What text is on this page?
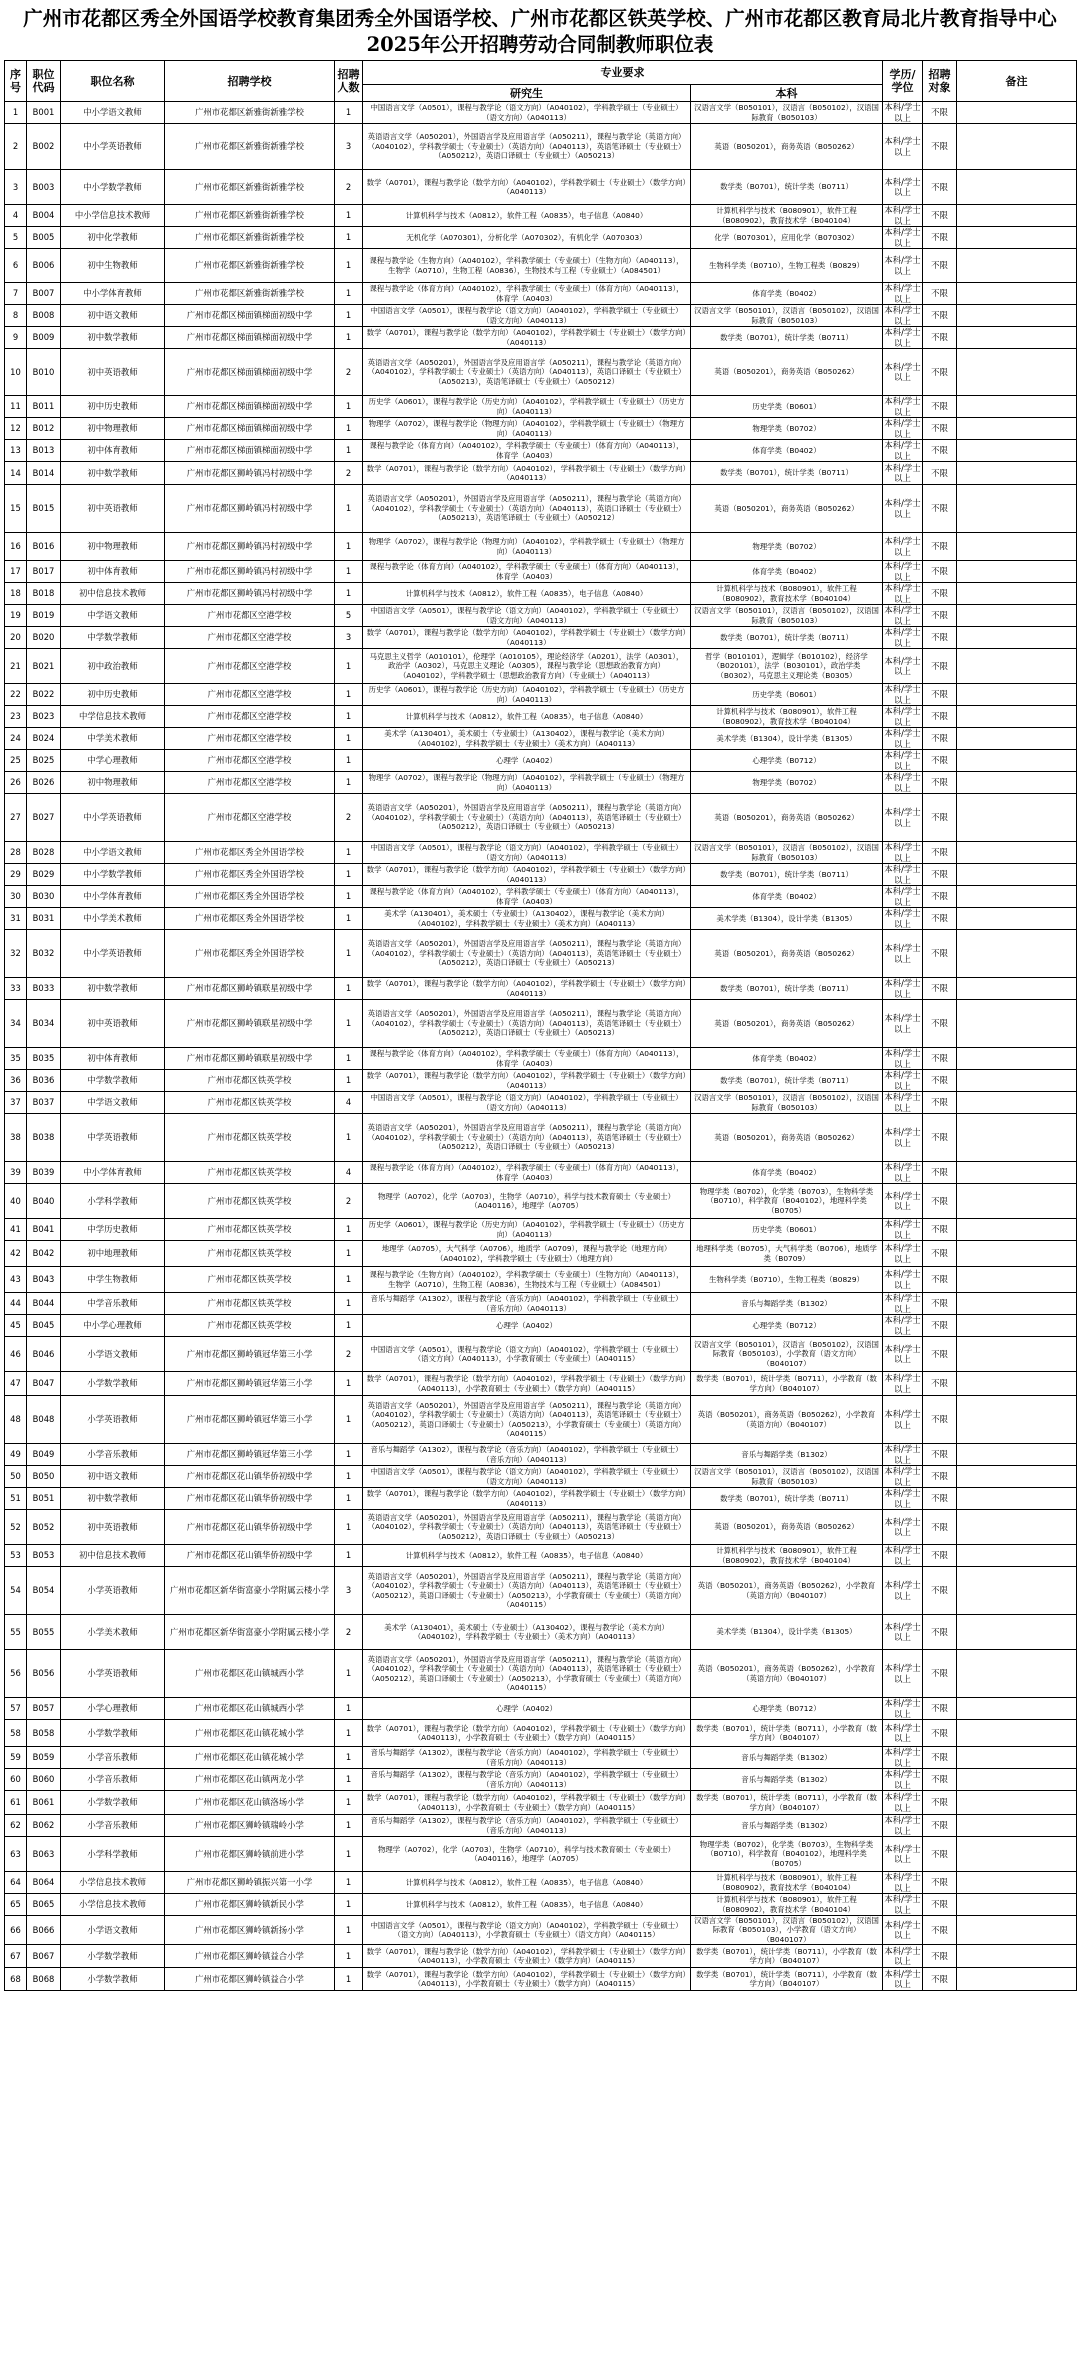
广州市花都区秀全外国语学校教育集团秀全外国语学校、广州市花都区铁英学校、广州市花都区教育局北片教育指导中心
2025年公开招聘劳动合同制教师职位表
序号	职位代码	职位名称	招聘学校	招聘人数	专业要求		学历/学位	招聘对象	备注
					研究生	本科			
1	B001	中小学语文教师	广州市花都区新雅街新雅学校	1	中国语言文学（A0501），课程与教学论（语文方向）（A040102），学科教学硕士（专业硕士）（语文方向）（A040113）	汉语言文学（B050101），汉语言（B050102），汉语国际教育（B050103）	本科/学士以上	不限	
2	B002	中小学英语教师	广州市花都区新雅街新雅学校	3	英语语言文学（A050201），外国语言学及应用语言学（A050211），课程与教学论（英语方向）（A040102），学科教学硕士（专业硕士）（英语方向）（A040113），英语笔译硕士（专业硕士）（A050212），英语口译硕士（专业硕士）（A050213）	英语（B050201），商务英语（B050262）	本科/学士以上	不限	
3	B003	中小学数学教师	广州市花都区新雅街新雅学校	2	数学（A0701），课程与教学论（数学方向）（A040102），学科教学硕士（专业硕士）（数学方向）（A040113）	数学类（B0701），统计学类（B0711）	本科/学士以上	不限	
4	B004	中小学信息技术教师	广州市花都区新雅街新雅学校	1	计算机科学与技术（A0812），软件工程（A0835），电子信息（A0840）	计算机科学与技术（B080901），软件工程（B080902），教育技术学（B040104）	本科/学士以上	不限	
5	B005	初中化学教师	广州市花都区新雅街新雅学校	1	无机化学（A070301），分析化学（A070302），有机化学（A070303）	化学（B070301），应用化学（B070302）	本科/学士以上	不限	
6	B006	初中生物教师	广州市花都区新雅街新雅学校	1	课程与教学论（生物方向）（A040102），学科教学硕士（专业硕士）（生物方向）（A040113），生物学（A0710），生物工程（A0836），生物技术与工程（专业硕士）（A084501）	生物科学类（B0710），生物工程类（B0829）	本科/学士以上	不限	
7	B007	中小学体育教师	广州市花都区新雅街新雅学校	1	课程与教学论（体育方向）（A040102），学科教学硕士（专业硕士）（体育方向）（A040113），体育学（A0403）	体育学类（B0402）	本科/学士以上	不限	
8	B008	初中语文教师	广州市花都区梯面镇梯面初级中学	1	中国语言文学（A0501），课程与教学论（语文方向）（A040102），学科教学硕士（专业硕士）（语文方向）（A040113）	汉语言文学（B050101），汉语言（B050102），汉语国际教育（B050103）	本科/学士以上	不限	
9	B009	初中数学教师	广州市花都区梯面镇梯面初级中学	1	数学（A0701），课程与教学论（数学方向）（A040102），学科教学硕士（专业硕士）（数学方向）（A040113）	数学类（B0701），统计学类（B0711）	本科/学士以上	不限	
10	B010	初中英语教师	广州市花都区梯面镇梯面初级中学	2	英语语言文学（A050201），外国语言学及应用语言学（A050211），课程与教学论（英语方向）（A040102），学科教学硕士（专业硕士）（英语方向）（A040113），英语口译硕士（专业硕士）（A050213），英语笔译硕士（专业硕士）（A050212）	英语（B050201），商务英语（B050262）	本科/学士以上	不限	
11	B011	初中历史教师	广州市花都区梯面镇梯面初级中学	1	历史学（A0601），课程与教学论（历史方向）（A040102），学科教学硕士（专业硕士）（历史方向）（A040113）	历史学类（B0601）	本科/学士以上	不限	
12	B012	初中物理教师	广州市花都区梯面镇梯面初级中学	1	物理学（A0702），课程与教学论（物理方向）（A040102），学科教学硕士（专业硕士）（物理方向）（A040113）	物理学类（B0702）	本科/学士以上	不限	
13	B013	初中体育教师	广州市花都区梯面镇梯面初级中学	1	课程与教学论（体育方向）（A040102），学科教学硕士（专业硕士）（体育方向）（A040113），体育学（A0403）	体育学类（B0402）	本科/学士以上	不限	
14	B014	初中数学教师	广州市花都区狮岭镇冯村初级中学	2	数学（A0701），课程与教学论（数学方向）（A040102），学科教学硕士（专业硕士）（数学方向）（A040113）	数学类（B0701），统计学类（B0711）	本科/学士以上	不限	
15	B015	初中英语教师	广州市花都区狮岭镇冯村初级中学	1	英语语言文学（A050201），外国语言学及应用语言学（A050211），课程与教学论（英语方向）（A040102），学科教学硕士（专业硕士）（英语方向）（A040113），英语口译硕士（专业硕士）（A050213），英语笔译硕士（专业硕士）（A050212）	英语（B050201），商务英语（B050262）	本科/学士以上	不限	
16	B016	初中物理教师	广州市花都区狮岭镇冯村初级中学	1	物理学（A0702），课程与教学论（物理方向）（A040102），学科教学硕士（专业硕士）（物理方向）（A040113）	物理学类（B0702）	本科/学士以上	不限	
17	B017	初中体育教师	广州市花都区狮岭镇冯村初级中学	1	课程与教学论（体育方向）（A040102），学科教学硕士（专业硕士）（体育方向）（A040113），体育学（A0403）	体育学类（B0402）	本科/学士以上	不限	
18	B018	初中信息技术教师	广州市花都区狮岭镇冯村初级中学	1	计算机科学与技术（A0812），软件工程（A0835），电子信息（A0840）	计算机科学与技术（B080901），软件工程（B080902），教育技术学（B040104）	本科/学士以上	不限	
19	B019	中学语文教师	广州市花都区空港学校	5	中国语言文学（A0501），课程与教学论（语文方向）（A040102），学科教学硕士（专业硕士）（语文方向）（A040113）	汉语言文学（B050101），汉语言（B050102），汉语国际教育（B050103）	本科/学士以上	不限	
20	B020	中学数学教师	广州市花都区空港学校	3	数学（A0701），课程与教学论（数学方向）（A040102），学科教学硕士（专业硕士）（数学方向）（A040113）	数学类（B0701），统计学类（B0711）	本科/学士以上	不限	
21	B021	初中政治教师	广州市花都区空港学校	1	马克思主义哲学（A010101），伦理学（A010105），理论经济学（A0201），法学（A0301），政治学（A0302），马克思主义理论（A0305），课程与教学论（思想政治教育方向）（A040102），学科教学硕士（思想政治教育方向）（专业硕士）（A040113）	哲学（B010101），逻辑学（B010102），经济学（B020101），法学（B030101），政治学类（B0302），马克思主义理论类（B0305）	本科/学士以上	不限	
22	B022	初中历史教师	广州市花都区空港学校	1	历史学（A0601），课程与教学论（历史方向）（A040102），学科教学硕士（专业硕士）（历史方向）（A040113）	历史学类（B0601）	本科/学士以上	不限	
23	B023	中学信息技术教师	广州市花都区空港学校	1	计算机科学与技术（A0812），软件工程（A0835），电子信息（A0840）	计算机科学与技术（B080901），软件工程（B080902），教育技术学（B040104）	本科/学士以上	不限	
24	B024	中学美术教师	广州市花都区空港学校	1	美术学（A130401），美术硕士（专业硕士）（A130402），课程与教学论（美术方向）（A040102），学科教学硕士（专业硕士）（美术方向）（A040113）	美术学类（B1304），设计学类（B1305）	本科/学士以上	不限	
25	B025	中学心理教师	广州市花都区空港学校	1	心理学（A0402）	心理学类（B0712）	本科/学士以上	不限	
26	B026	初中物理教师	广州市花都区空港学校	1	物理学（A0702），课程与教学论（物理方向）（A040102），学科教学硕士（专业硕士）（物理方向）（A040113）	物理学类（B0702）	本科/学士以上	不限	
27	B027	中小学英语教师	广州市花都区空港学校	2	英语语言文学（A050201），外国语言学及应用语言学（A050211），课程与教学论（英语方向）（A040102），学科教学硕士（专业硕士）（英语方向）（A040113），英语笔译硕士（专业硕士）（A050212），英语口译硕士（专业硕士）（A050213）	英语（B050201），商务英语（B050262）	本科/学士以上	不限	
28	B028	中小学语文教师	广州市花都区秀全外国语学校	1	中国语言文学（A0501），课程与教学论（语文方向）（A040102），学科教学硕士（专业硕士）（语文方向）（A040113）	汉语言文学（B050101），汉语言（B050102），汉语国际教育（B050103）	本科/学士以上	不限	
29	B029	中小学数学教师	广州市花都区秀全外国语学校	1	数学（A0701），课程与教学论（数学方向）（A040102），学科教学硕士（专业硕士）（数学方向）（A040113）	数学类（B0701），统计学类（B0711）	本科/学士以上	不限	
30	B030	中小学体育教师	广州市花都区秀全外国语学校	1	课程与教学论（体育方向）（A040102），学科教学硕士（专业硕士）（体育方向）（A040113），体育学（A0403）	体育学类（B0402）	本科/学士以上	不限	
31	B031	中小学美术教师	广州市花都区秀全外国语学校	1	美术学（A130401），美术硕士（专业硕士）（A130402），课程与教学论（美术方向）（A040102），学科教学硕士（专业硕士）（美术方向）（A040113）	美术学类（B1304），设计学类（B1305）	本科/学士以上	不限	
32	B032	中小学英语教师	广州市花都区秀全外国语学校	1	英语语言文学（A050201），外国语言学及应用语言学（A050211），课程与教学论（英语方向）（A040102），学科教学硕士（专业硕士）（英语方向）（A040113），英语笔译硕士（专业硕士）（A050212），英语口译硕士（专业硕士）（A050213）	英语（B050201），商务英语（B050262）	本科/学士以上	不限	
33	B033	初中数学教师	广州市花都区狮岭镇联星初级中学	1	数学（A0701），课程与教学论（数学方向）（A040102），学科教学硕士（专业硕士）（数学方向）（A040113）	数学类（B0701），统计学类（B0711）	本科/学士以上	不限	
34	B034	初中英语教师	广州市花都区狮岭镇联星初级中学	1	英语语言文学（A050201），外国语言学及应用语言学（A050211），课程与教学论（英语方向）（A040102），学科教学硕士（专业硕士）（英语方向）（A040113），英语笔译硕士（专业硕士）（A050212），英语口译硕士（专业硕士）（A050213）	英语（B050201），商务英语（B050262）	本科/学士以上	不限	
35	B035	初中体育教师	广州市花都区狮岭镇联星初级中学	1	课程与教学论（体育方向）（A040102），学科教学硕士（专业硕士）（体育方向）（A040113），体育学（A0403）	体育学类（B0402）	本科/学士以上	不限	
36	B036	中学数学教师	广州市花都区铁英学校	1	数学（A0701），课程与教学论（数学方向）（A040102），学科教学硕士（专业硕士）（数学方向）（A040113）	数学类（B0701），统计学类（B0711）	本科/学士以上	不限	
37	B037	中学语文教师	广州市花都区铁英学校	4	中国语言文学（A0501），课程与教学论（语文方向）（A040102），学科教学硕士（专业硕士）（语文方向）（A040113）	汉语言文学（B050101），汉语言（B050102），汉语国际教育（B050103）	本科/学士以上	不限	
38	B038	中学英语教师	广州市花都区铁英学校	1	英语语言文学（A050201），外国语言学及应用语言学（A050211），课程与教学论（英语方向）（A040102），学科教学硕士（专业硕士）（英语方向）（A040113），英语笔译硕士（专业硕士）（A050212），英语口译硕士（专业硕士）（A050213）	英语（B050201），商务英语（B050262）	本科/学士以上	不限	
39	B039	中小学体育教师	广州市花都区铁英学校	4	课程与教学论（体育方向）（A040102），学科教学硕士（专业硕士）（体育方向）（A040113），体育学（A0403）	体育学类（B0402）	本科/学士以上	不限	
40	B040	小学科学教师	广州市花都区铁英学校	2	物理学（A0702），化学（A0703），生物学（A0710），科学与技术教育硕士（专业硕士）（A040116），地理学（A0705）	物理学类（B0702），化学类（B0703），生物科学类（B0710），科学教育（B040102），地理科学类（B0705）	本科/学士以上	不限	
41	B041	中学历史教师	广州市花都区铁英学校	1	历史学（A0601），课程与教学论（历史方向）（A040102），学科教学硕士（专业硕士）（历史方向）（A040113）	历史学类（B0601）	本科/学士以上	不限	
42	B042	初中地理教师	广州市花都区铁英学校	1	地理学（A0705），大气科学（A0706），地质学（A0709），课程与教学论（地理方向）（A040102），学科教学硕士（专业硕士）（地理方向）	地理科学类（B0705），大气科学类（B0706），地质学类（B0709）	本科/学士以上	不限	
43	B043	中学生物教师	广州市花都区铁英学校	1	课程与教学论（生物方向）（A040102），学科教学硕士（专业硕士）（生物方向）（A040113），生物学（A0710），生物工程（A0836），生物技术与工程（专业硕士）（A084501）	生物科学类（B0710），生物工程类（B0829）	本科/学士以上	不限	
44	B044	中学音乐教师	广州市花都区铁英学校	1	音乐与舞蹈学（A1302），课程与教学论（音乐方向）（A040102），学科教学硕士（专业硕士）（音乐方向）（A040113）	音乐与舞蹈学类（B1302）	本科/学士以上	不限	
45	B045	中小学心理教师	广州市花都区铁英学校	1	心理学（A0402）	心理学类（B0712）	本科/学士以上	不限	
46	B046	小学语文教师	广州市花都区狮岭镇冠华第三小学	2	中国语言文学（A0501），课程与教学论（语文方向）（A040102），学科教学硕士（专业硕士）（语文方向）（A040113），小学教育硕士（专业硕士）（A040115）	汉语言文学（B050101），汉语言（B050102），汉语国际教育（B050103），小学教育（语文方向）（B040107）	本科/学士以上	不限	
47	B047	小学数学教师	广州市花都区狮岭镇冠华第三小学	1	数学（A0701），课程与教学论（数学方向）（A040102），学科教学硕士（专业硕士）（数学方向）（A040113），小学教育硕士（专业硕士）（数学方向）（A040115）	数学类（B0701），统计学类（B0711），小学教育（数学方向）（B040107）	本科/学士以上	不限	
48	B048	小学英语教师	广州市花都区狮岭镇冠华第三小学	1	英语语言文学（A050201），外国语言学及应用语言学（A050211），课程与教学论（英语方向）（A040102），学科教学硕士（专业硕士）（英语方向）（A040113），英语笔译硕士（专业硕士）（A050212），英语口译硕士（专业硕士）（A050213），小学教育硕士（专业硕士）（英语方向）（A040115）	英语（B050201），商务英语（B050262），小学教育（英语方向）（B040107）	本科/学士以上	不限	
49	B049	小学音乐教师	广州市花都区狮岭镇冠华第三小学	1	音乐与舞蹈学（A1302），课程与教学论（音乐方向）（A040102），学科教学硕士（专业硕士）（音乐方向）（A040113）	音乐与舞蹈学类（B1302）	本科/学士以上	不限	
50	B050	初中语文教师	广州市花都区花山镇华侨初级中学	1	中国语言文学（A0501），课程与教学论（语文方向）（A040102），学科教学硕士（专业硕士）（语文方向）（A040113）	汉语言文学（B050101），汉语言（B050102），汉语国际教育（B050103）	本科/学士以上	不限	
51	B051	初中数学教师	广州市花都区花山镇华侨初级中学	1	数学（A0701），课程与教学论（数学方向）（A040102），学科教学硕士（专业硕士）（数学方向）（A040113）	数学类（B0701），统计学类（B0711）	本科/学士以上	不限	
52	B052	初中英语教师	广州市花都区花山镇华侨初级中学	1	英语语言文学（A050201），外国语言学及应用语言学（A050211），课程与教学论（英语方向）（A040102），学科教学硕士（专业硕士）（英语方向）（A040113），英语笔译硕士（专业硕士）（A050212），英语口译硕士（专业硕士）（A050213）	英语（B050201），商务英语（B050262）	本科/学士以上	不限	
53	B053	初中信息技术教师	广州市花都区花山镇华侨初级中学	1	计算机科学与技术（A0812），软件工程（A0835），电子信息（A0840）	计算机科学与技术（B080901），软件工程（B080902），教育技术学（B040104）	本科/学士以上	不限	
54	B054	小学英语教师	广州市花都区新华街富豪小学附属云楼小学	3	英语语言文学（A050201），外国语言学及应用语言学（A050211），课程与教学论（英语方向）（A040102），学科教学硕士（专业硕士）（英语方向）（A040113），英语笔译硕士（专业硕士）（A050212），英语口译硕士（专业硕士）（A050213），小学教育硕士（专业硕士）（英语方向）（A040115）	英语（B050201），商务英语（B050262），小学教育（英语方向）（B040107）	本科/学士以上	不限	
55	B055	小学美术教师	广州市花都区新华街富豪小学附属云楼小学	2	美术学（A130401），美术硕士（专业硕士）（A130402），课程与教学论（美术方向）（A040102），学科教学硕士（专业硕士）（美术方向）（A040113）	美术学类（B1304），设计学类（B1305）	本科/学士以上	不限	
56	B056	小学英语教师	广州市花都区花山镇城西小学	1	英语语言文学（A050201），外国语言学及应用语言学（A050211），课程与教学论（英语方向）（A040102），学科教学硕士（专业硕士）（英语方向）（A040113），英语笔译硕士（专业硕士）（A050212），英语口译硕士（专业硕士）（A050213），小学教育硕士（专业硕士）（英语方向）（A040115）	英语（B050201），商务英语（B050262），小学教育（英语方向）（B040107）	本科/学士以上	不限	
57	B057	小学心理教师	广州市花都区花山镇城西小学	1	心理学（A0402）	心理学类（B0712）	本科/学士以上	不限	
58	B058	小学数学教师	广州市花都区花山镇花城小学	1	数学（A0701），课程与教学论（数学方向）（A040102），学科教学硕士（专业硕士）（数学方向）（A040113），小学教育硕士（专业硕士）（数学方向）（A040115）	数学类（B0701），统计学类（B0711），小学教育（数学方向）（B040107）	本科/学士以上	不限	
59	B059	小学音乐教师	广州市花都区花山镇花城小学	1	音乐与舞蹈学（A1302），课程与教学论（音乐方向）（A040102），学科教学硕士（专业硕士）（音乐方向）（A040113）	音乐与舞蹈学类（B1302）	本科/学士以上	不限	
60	B060	小学音乐教师	广州市花都区花山镇两龙小学	1	音乐与舞蹈学（A1302），课程与教学论（音乐方向）（A040102），学科教学硕士（专业硕士）（音乐方向）（A040113）	音乐与舞蹈学类（B1302）	本科/学士以上	不限	
61	B061	小学数学教师	广州市花都区花山镇洛场小学	1	数学（A0701），课程与教学论（数学方向）（A040102），学科教学硕士（专业硕士）（数学方向）（A040113），小学教育硕士（专业硕士）（数学方向）（A040115）	数学类（B0701），统计学类（B0711），小学教育（数学方向）（B040107）	本科/学士以上	不限	
62	B062	小学音乐教师	广州市花都区狮岭镇瑞岭小学	1	音乐与舞蹈学（A1302），课程与教学论（音乐方向）（A040102），学科教学硕士（专业硕士）（音乐方向）（A040113）	音乐与舞蹈学类（B1302）	本科/学士以上	不限	
63	B063	小学科学教师	广州市花都区狮岭镇前进小学	1	物理学（A0702），化学（A0703），生物学（A0710），科学与技术教育硕士（专业硕士）（A040116），地理学（A0705）	物理学类（B0702），化学类（B0703），生物科学类（B0710），科学教育（B040102），地理科学类（B0705）	本科/学士以上	不限	
64	B064	小学信息技术教师	广州市花都区狮岭镇振兴第一小学	1	计算机科学与技术（A0812），软件工程（A0835），电子信息（A0840）	计算机科学与技术（B080901），软件工程（B080902），教育技术学（B040104）	本科/学士以上	不限	
65	B065	小学信息技术教师	广州市花都区狮岭镇新民小学	1	计算机科学与技术（A0812），软件工程（A0835），电子信息（A0840）	计算机科学与技术（B080901），软件工程（B080902），教育技术学（B040104）	本科/学士以上	不限	
66	B066	小学语文教师	广州市花都区狮岭镇新扬小学	1	中国语言文学（A0501），课程与教学论（语文方向）（A040102），学科教学硕士（专业硕士）（语文方向）（A040113），小学教育硕士（专业硕士）（语文方向）（A040115）	汉语言文学（B050101），汉语言（B050102），汉语国际教育（B050103），小学教育（语文方向）（B040107）	本科/学士以上	不限	
67	B067	小学数学教师	广州市花都区狮岭镇益合小学	1	数学（A0701），课程与教学论（数学方向）（A040102），学科教学硕士（专业硕士）（数学方向）（A040113），小学教育硕士（专业硕士）（数学方向）（A040115）	数学类（B0701），统计学类（B0711），小学教育（数学方向）（B040107）	本科/学士以上	不限	
68	B068	小学数学教师	广州市花都区狮岭镇益合小学	1	数学（A0701），课程与教学论（数学方向）（A040102），学科教学硕士（专业硕士）（数学方向）（A040113），小学教育硕士（专业硕士）（数学方向）（A040115）	数学类（B0701），统计学类（B0711），小学教育（数学方向）（B040107）	本科/学士以上	不限	
